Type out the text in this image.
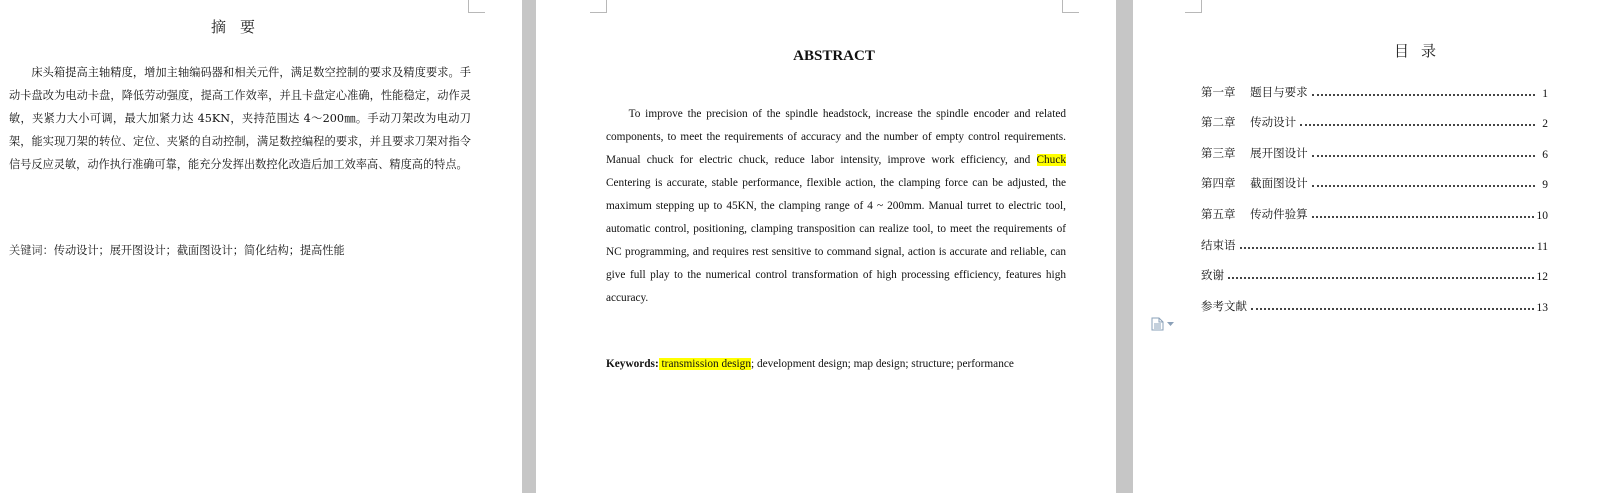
摘要

床头箱提高主轴精度，增加主轴编码器和相关元件，满足数空控制的要求及精度要求。手动卡盘改为电动卡盘，降低劳动强度，提高工作效率，并且卡盘定心准确，性能稳定，动作灵敏，夹紧力大小可调，最大加紧力达 45KN，夹持范围达 4～200㎜。手动刀架改为电动刀架，能实现刀架的转位、定位、夹紧的自动控制，满足数控编程的要求，并且要求刀架对指令信号反应灵敏，动作执行准确可靠，能充分发挥出数控化改造后加工效率高、精度高的特点。

关键词：传动设计；展开图设计；截面图设计；简化结构；提高性能
ABSTRACT

To improve the precision of the spindle headstock, increase the spindle encoder and related components, to meet the requirements of accuracy and the number of empty control requirements. Manual chuck for electric chuck, reduce labor intensity, improve work efficiency, and Chuck Centering is accurate, stable performance, flexible action, the clamping force can be adjusted, the maximum stepping up to 45KN, the clamping range of 4 ~ 200mm. Manual turret to electric tool, automatic control, positioning, clamping transposition can realize tool, to meet the requirements of NC programming, and requires rest sensitive to command signal, action is accurate and reliable, can give full play to the numerical control transformation of high processing efficiency, features high accuracy.

Keywords: transmission design; development design; map design; structure; performance
目录
第一章    题目与要求	1
第二章    传动设计	2
第三章    展开图设计	6
第四章    截面图设计	9
第五章    传动件验算	10
结束语	11
致谢	12
参考文献	13
